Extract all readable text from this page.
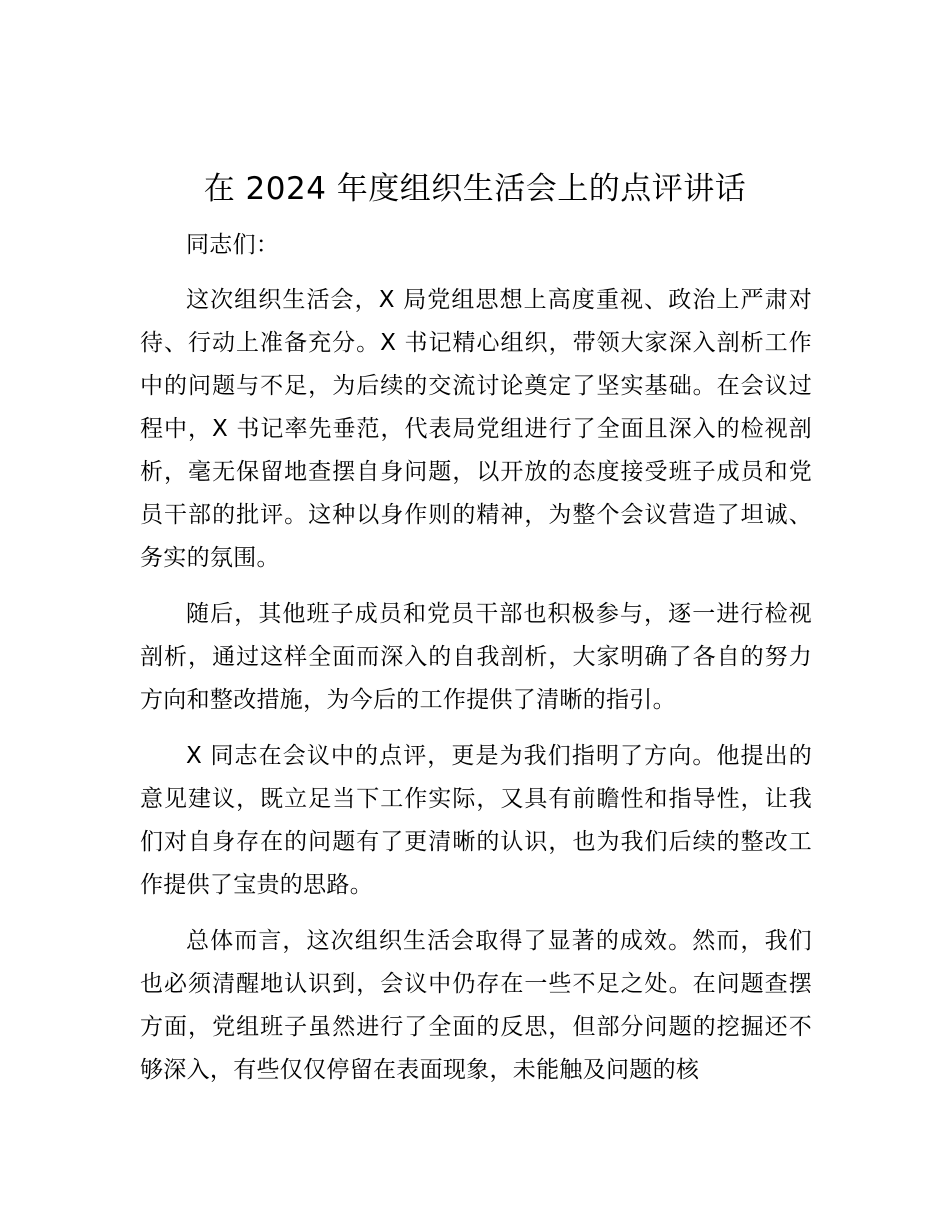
在 2024 年度组织生活会上的点评讲话

同志们：

这次组织生活会，X 局党组思想上高度重视、政治上严肃对待、行动上准备充分。X 书记精心组织，带领大家深入剖析工作中的问题与不足，为后续的交流讨论奠定了坚实基础。在会议过程中，X 书记率先垂范，代表局党组进行了全面且深入的检视剖析，毫无保留地查摆自身问题，以开放的态度接受班子成员和党员干部的批评。这种以身作则的精神，为整个会议营造了坦诚、务实的氛围。

随后，其他班子成员和党员干部也积极参与，逐一进行检视剖析，通过这样全面而深入的自我剖析，大家明确了各自的努力方向和整改措施，为今后的工作提供了清晰的指引。

X 同志在会议中的点评，更是为我们指明了方向。他提出的意见建议，既立足当下工作实际，又具有前瞻性和指导性，让我们对自身存在的问题有了更清晰的认识，也为我们后续的整改工作提供了宝贵的思路。

总体而言，这次组织生活会取得了显著的成效。然而，我们也必须清醒地认识到，会议中仍存在一些不足之处。在问题查摆方面，党组班子虽然进行了全面的反思，但部分问题的挖掘还不够深入，有些仅仅停留在表面现象，未能触及问题的核
